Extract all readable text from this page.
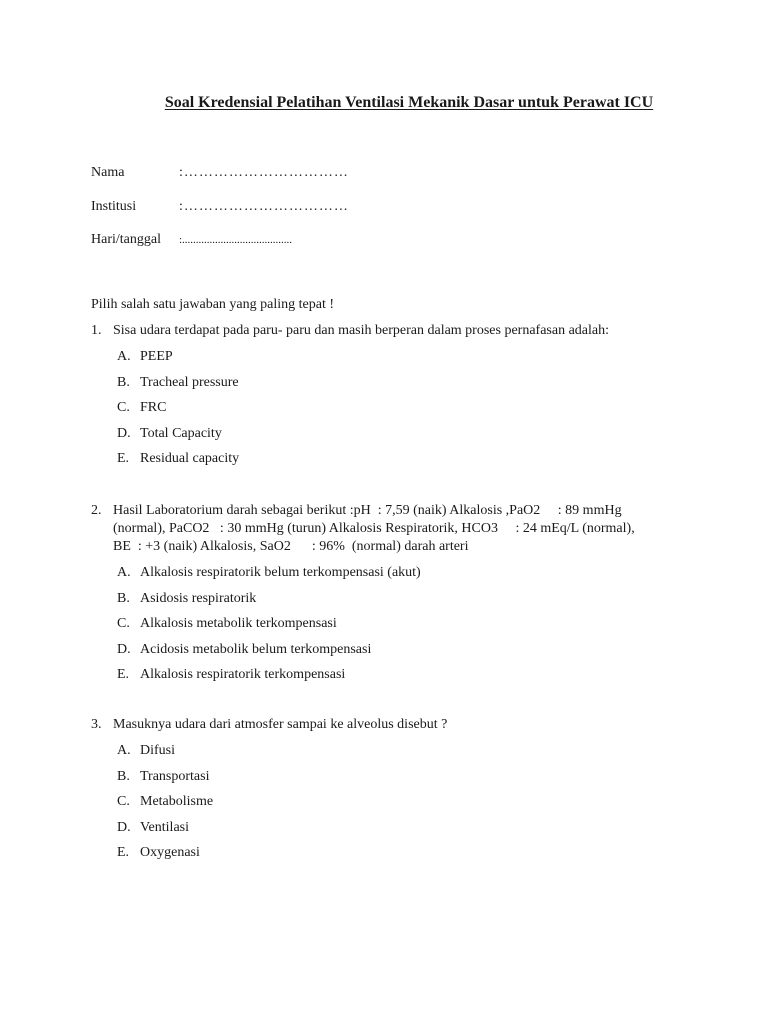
Soal Kredensial Pelatihan Ventilasi Mekanik Dasar untuk Perawat ICU
Nama	:……………………………
Institusi	:……………………………
Hari/tanggal :........................................
Pilih salah satu jawaban yang paling tepat !
1. Sisa udara terdapat pada paru- paru dan masih berperan dalam proses pernafasan adalah:
A. PEEP
B. Tracheal pressure
C. FRC
D. Total Capacity
E. Residual capacity
2. Hasil Laboratorium darah sebagai berikut :pH  : 7,59 (naik) Alkalosis ,PaO2     : 89 mmHg
(normal), PaCO2   : 30 mmHg (turun) Alkalosis Respiratorik, HCO3     : 24 mEq/L (normal),
BE  : +3 (naik) Alkalosis, SaO2      : 96%  (normal) darah arteri
A. Alkalosis respiratorik belum terkompensasi (akut)
B. Asidosis respiratorik
C. Alkalosis metabolik terkompensasi
D. Acidosis metabolik belum terkompensasi
E. Alkalosis respiratorik terkompensasi
3. Masuknya udara dari atmosfer sampai ke alveolus disebut ?
A. Difusi
B. Transportasi
C. Metabolisme
D. Ventilasi
E. Oxygenasi
